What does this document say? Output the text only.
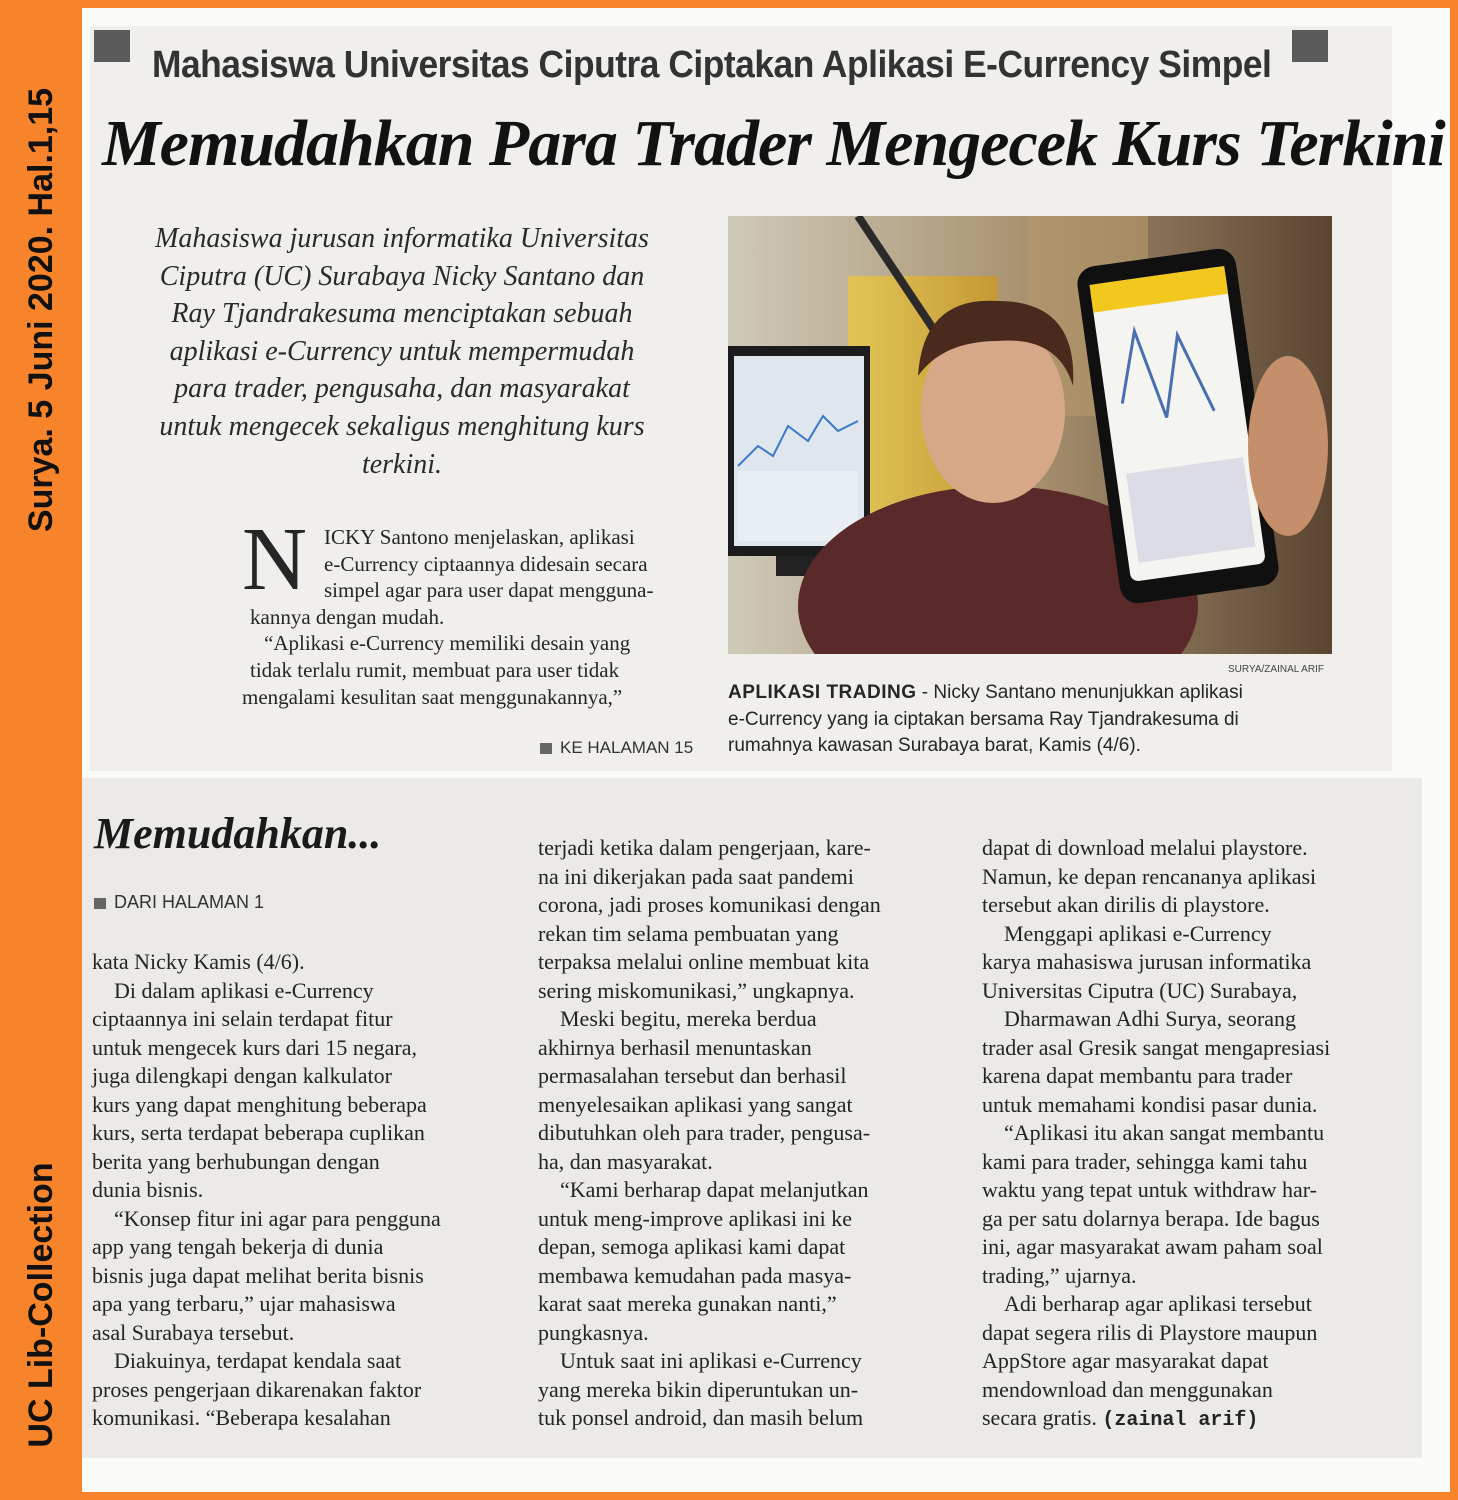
Surya. 5 Juni 2020. Hal.1,15
UC Lib-Collection
Mahasiswa Universitas Ciputra Ciptakan Aplikasi E-Currency Simpel
Memudahkan Para Trader Mengecek Kurs Terkini
Mahasiswa jurusan informatika Universitas
Ciputra (UC) Surabaya Nicky Santano dan
Ray Tjandrakesuma menciptakan sebuah
aplikasi e-Currency untuk mempermudah
para trader, pengusaha, dan masyarakat
untuk mengecek sekaligus menghitung kurs
terkini.
N ICKY Santono menjelaskan, aplikasi
e-Currency ciptaannya didesain secara
simpel agar para user dapat mengguna-
kannya dengan mudah.
“Aplikasi e-Currency memiliki desain yang
tidak terlalu rumit, membuat para user tidak
mengalami kesulitan saat menggunakannya,”
KE HALAMAN 15
SURYA/ZAINAL ARIF
APLIKASI TRADING - Nicky Santano menunjukkan aplikasi
e-Currency yang ia ciptakan bersama Ray Tjandrakesuma di
rumahnya kawasan Surabaya barat, Kamis (4/6).
Memudahkan...
DARI HALAMAN 1
kata Nicky Kamis (4/6).
Di dalam aplikasi e-Currency
ciptaannya ini selain terdapat fitur
untuk mengecek kurs dari 15 negara,
juga dilengkapi dengan kalkulator
kurs yang dapat menghitung beberapa
kurs, serta terdapat beberapa cuplikan
berita yang berhubungan dengan
dunia bisnis.
“Konsep fitur ini agar para pengguna
app yang tengah bekerja di dunia
bisnis juga dapat melihat berita bisnis
apa yang terbaru,” ujar mahasiswa
asal Surabaya tersebut.
Diakuinya, terdapat kendala saat
proses pengerjaan dikarenakan faktor
komunikasi. “Beberapa kesalahan
terjadi ketika dalam pengerjaan, kare-
na ini dikerjakan pada saat pandemi
corona, jadi proses komunikasi dengan
rekan tim selama pembuatan yang
terpaksa melalui online membuat kita
sering miskomunikasi,” ungkapnya.
Meski begitu, mereka berdua
akhirnya berhasil menuntaskan
permasalahan tersebut dan berhasil
menyelesaikan aplikasi yang sangat
dibutuhkan oleh para trader, pengusa-
ha, dan masyarakat.
“Kami berharap dapat melanjutkan
untuk meng-improve aplikasi ini ke
depan, semoga aplikasi kami dapat
membawa kemudahan pada masya-
karat saat mereka gunakan nanti,”
pungkasnya.
Untuk saat ini aplikasi e-Currency
yang mereka bikin diperuntukan un-
tuk ponsel android, dan masih belum
dapat di download melalui playstore.
Namun, ke depan rencananya aplikasi
tersebut akan dirilis di playstore.
Menggapi aplikasi e-Currency
karya mahasiswa jurusan informatika
Universitas Ciputra (UC) Surabaya,
Dharmawan Adhi Surya, seorang
trader asal Gresik sangat mengapresiasi
karena dapat membantu para trader
untuk memahami kondisi pasar dunia.
“Aplikasi itu akan sangat membantu
kami para trader, sehingga kami tahu
waktu yang tepat untuk withdraw har-
ga per satu dolarnya berapa. Ide bagus
ini, agar masyarakat awam paham soal
trading,” ujarnya.
Adi berharap agar aplikasi tersebut
dapat segera rilis di Playstore maupun
AppStore agar masyarakat dapat
mendownload dan menggunakan
secara gratis. (zainal arif)
